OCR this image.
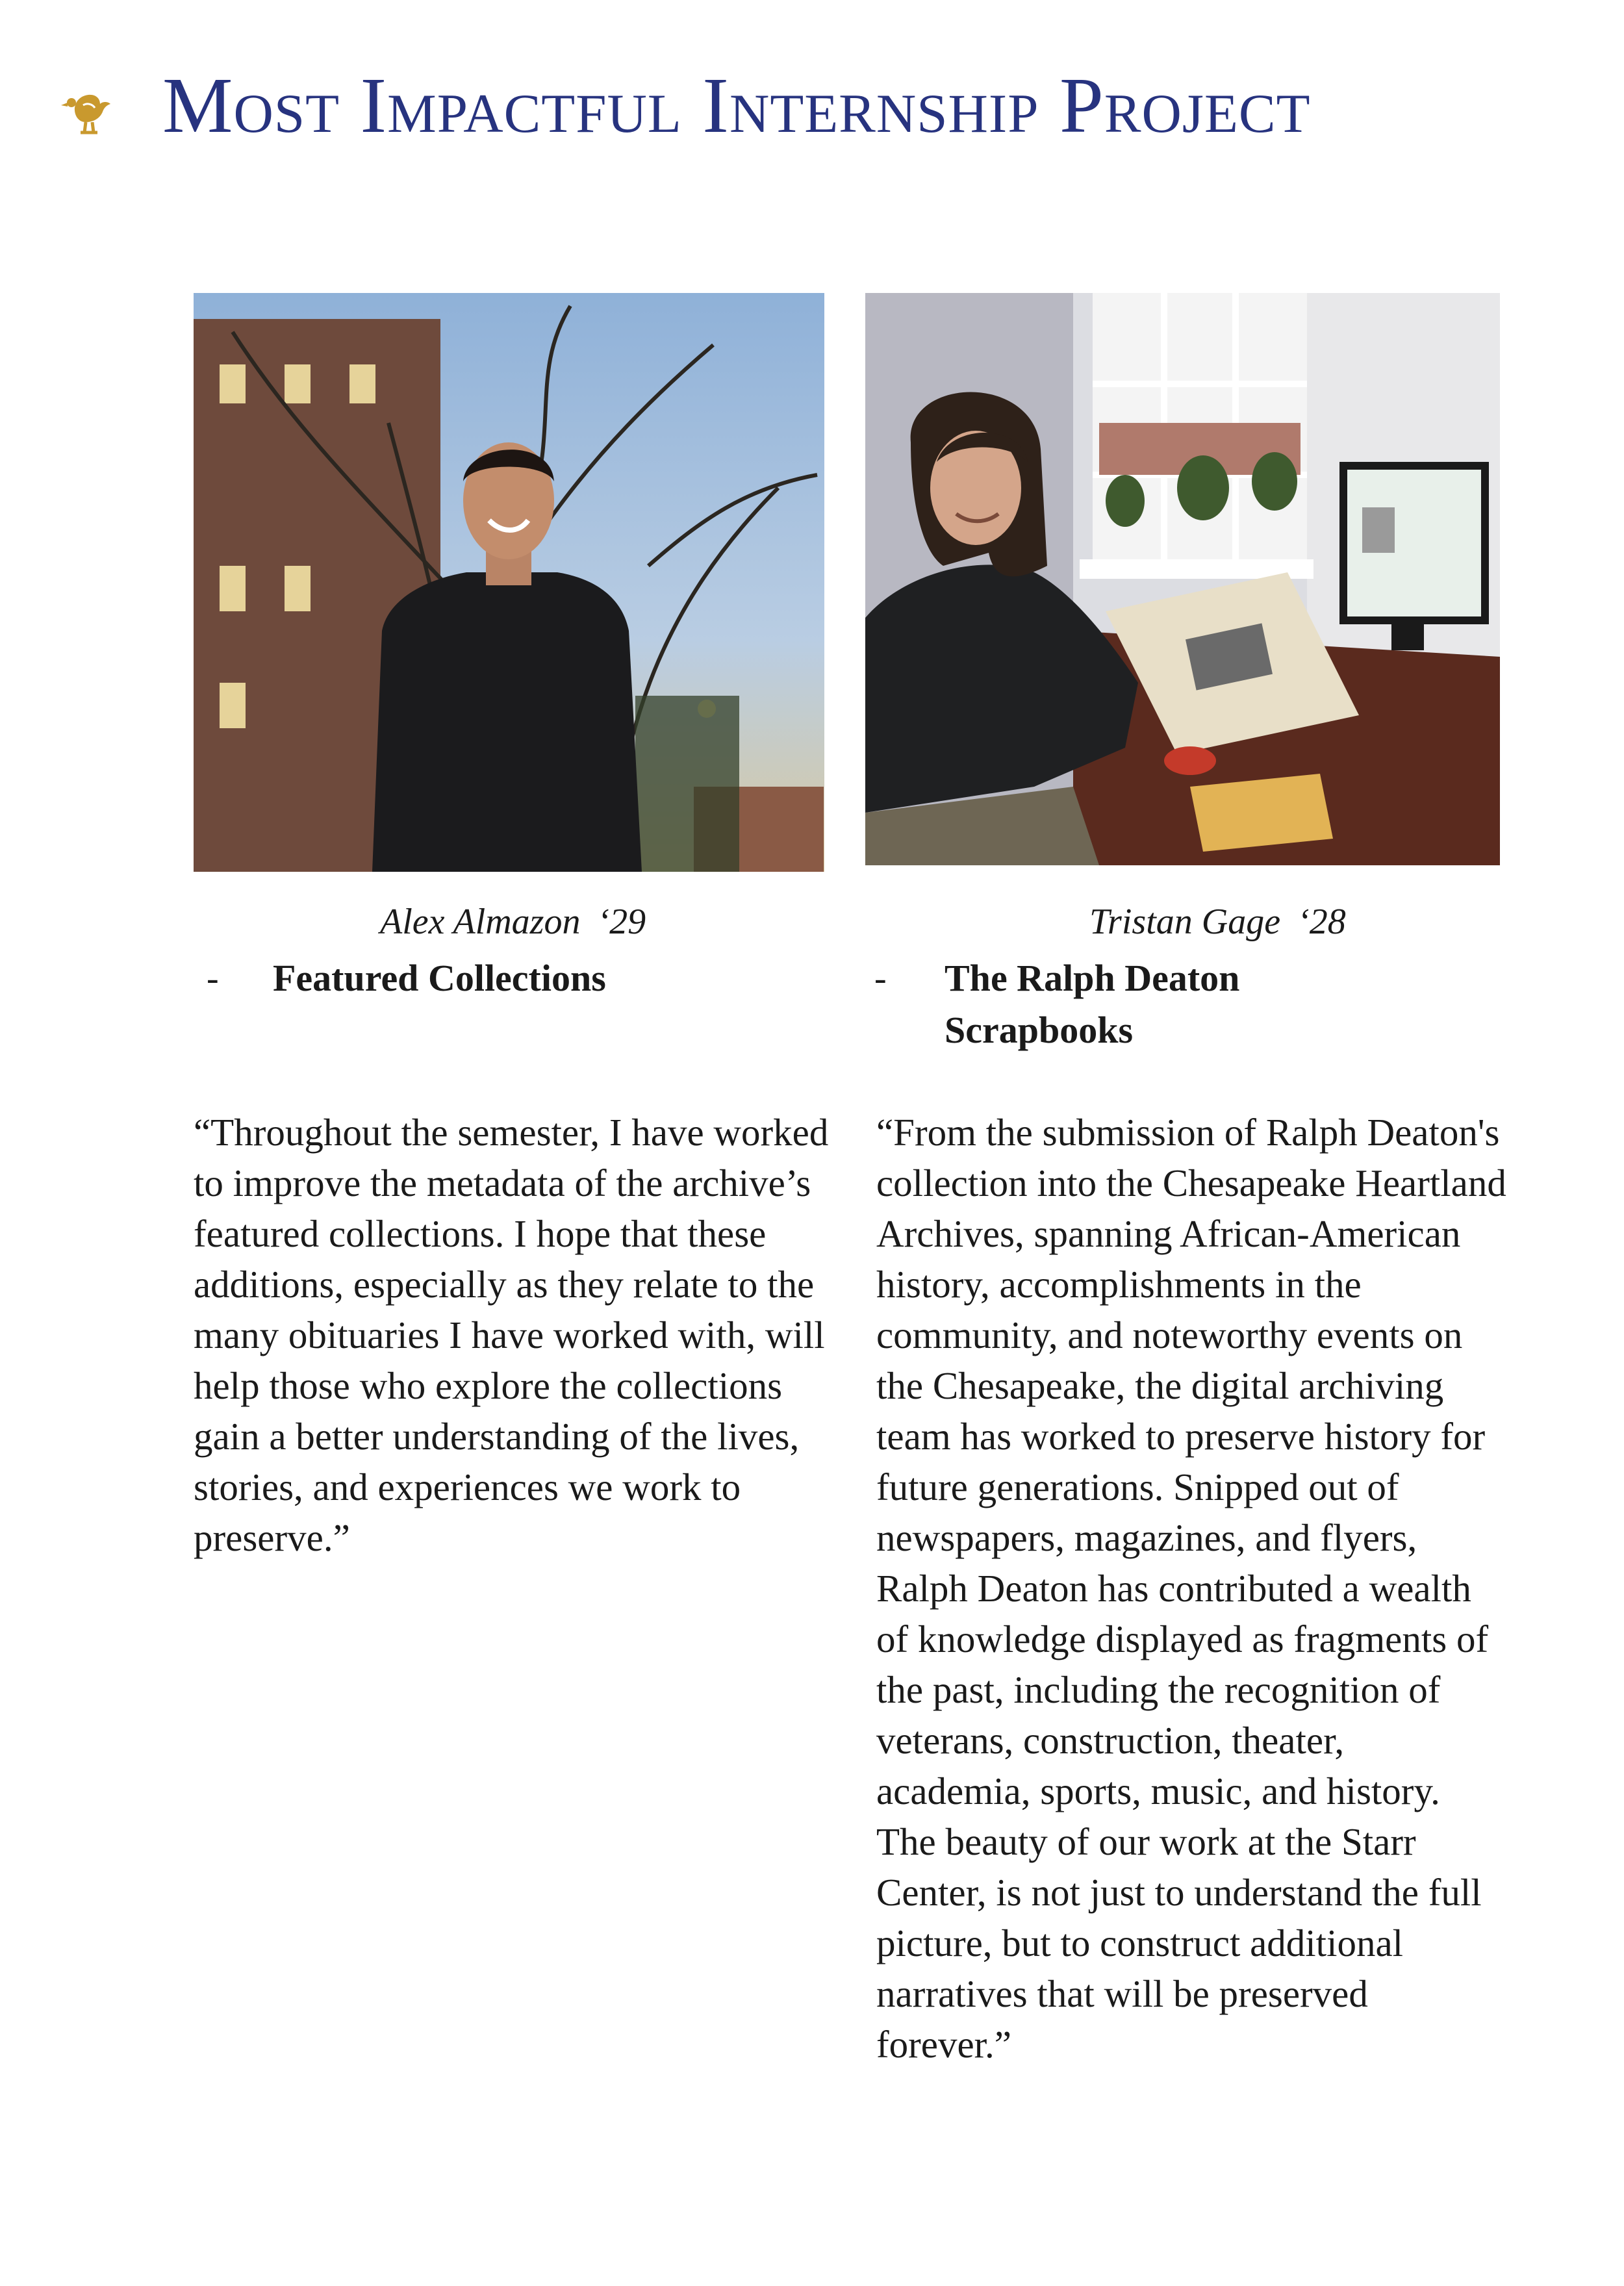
Most Impactful Internship Project
Alex Almazon ‘29	Tristan Gage ‘28
- Featured Collections	- The Ralph Deaton Scrapbooks

“Throughout the semester, I have worked to improve the metadata of the archive’s featured collections. I hope that these additions, especially as they relate to the many obituaries I have worked with, will help those who explore the collections gain a better understanding of the lives, stories, and experiences we work to preserve.”

“From the submission of Ralph Deaton's collection into the Chesapeake Heartland Archives, spanning African-American history, accomplishments in the community, and noteworthy events on the Chesapeake, the digital archiving team has worked to preserve history for future generations. Snipped out of newspapers, magazines, and flyers, Ralph Deaton has contributed a wealth of knowledge displayed as fragments of the past, including the recognition of veterans, construction, theater, academia, sports, music, and history. The beauty of our work at the Starr Center, is not just to understand the full picture, but to construct additional narratives that will be preserved forever.”
